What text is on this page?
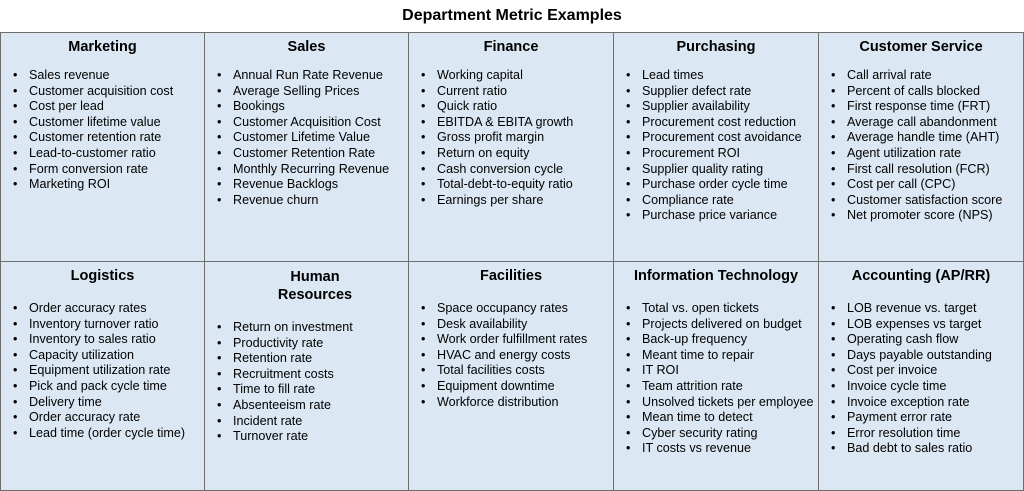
Department Metric Examples
Marketing
• Sales revenue
• Customer acquisition cost
• Cost per lead
• Customer lifetime value
• Customer retention rate
• Lead-to-customer ratio
• Form conversion rate
• Marketing ROI
Sales
• Annual Run Rate Revenue
• Average Selling Prices
• Bookings
• Customer Acquisition Cost
• Customer Lifetime Value
• Customer Retention Rate
• Monthly Recurring Revenue
• Revenue Backlogs
• Revenue churn
Finance
• Working capital
• Current ratio
• Quick ratio
• EBITDA & EBITA growth
• Gross profit margin
• Return on equity
• Cash conversion cycle
• Total-debt-to-equity ratio
• Earnings per share
Purchasing
• Lead times
• Supplier defect rate
• Supplier availability
• Procurement cost reduction
• Procurement cost avoidance
• Procurement ROI
• Supplier quality rating
• Purchase order cycle time
• Compliance rate
• Purchase price variance
Customer Service
• Call arrival rate
• Percent of calls blocked
• First response time (FRT)
• Average call abandonment
• Average handle time (AHT)
• Agent utilization rate
• First call resolution (FCR)
• Cost per call (CPC)
• Customer satisfaction score
• Net promoter score (NPS)
Logistics
• Order accuracy rates
• Inventory turnover ratio
• Inventory to sales ratio
• Capacity utilization
• Equipment utilization rate
• Pick and pack cycle time
• Delivery time
• Order accuracy rate
• Lead time (order cycle time)
Human Resources
• Return on investment
• Productivity rate
• Retention rate
• Recruitment costs
• Time to fill rate
• Absenteeism rate
• Incident rate
• Turnover rate
Facilities
• Space occupancy rates
• Desk availability
• Work order fulfillment rates
• HVAC and energy costs
• Total facilities costs
• Equipment downtime
• Workforce distribution
Information Technology
• Total vs. open tickets
• Projects delivered on budget
• Back-up frequency
• Meant time to repair
• IT ROI
• Team attrition rate
• Unsolved tickets per employee
• Mean time to detect
• Cyber security rating
• IT costs vs revenue
Accounting (AP/RR)
• LOB revenue vs. target
• LOB expenses vs target
• Operating cash flow
• Days payable outstanding
• Cost per invoice
• Invoice cycle time
• Invoice exception rate
• Payment error rate
• Error resolution time
• Bad debt to sales ratio
